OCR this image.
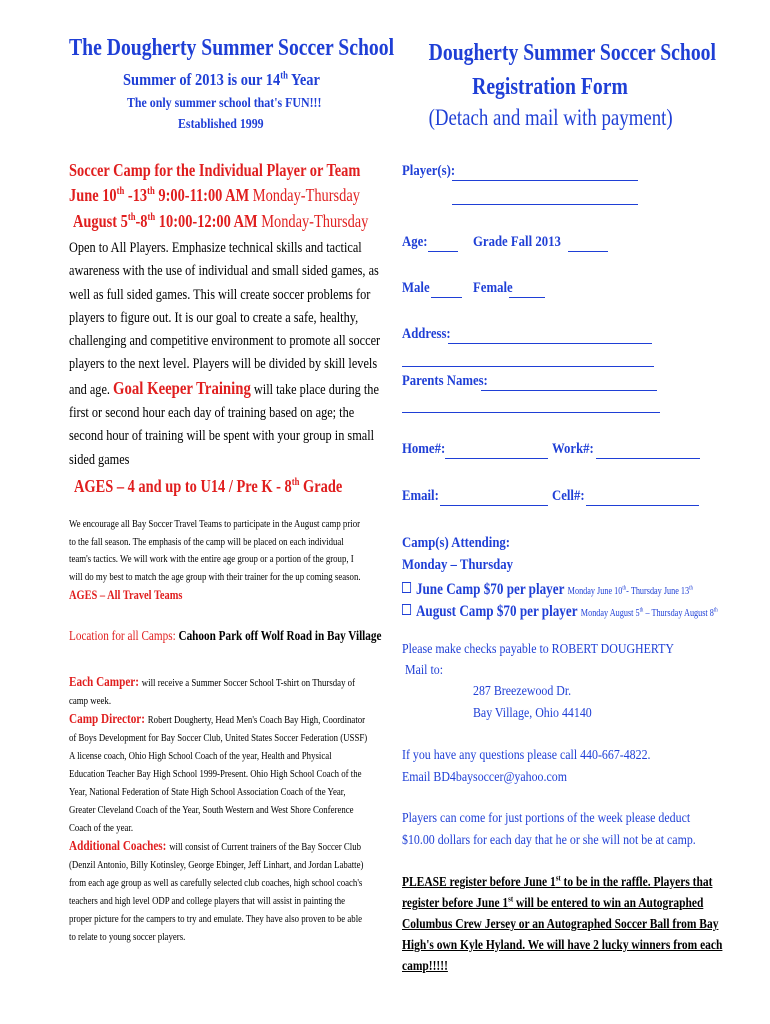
The Dougherty Summer Soccer School
Summer of 2013 is our 14th Year
The only summer school that's FUN!!!
Established 1999
Soccer Camp for the Individual Player or Team
June 10th -13th 9:00-11:00 AM Monday-Thursday
August 5th-8th 10:00-12:00 AM Monday-Thursday
Open to All Players. Emphasize technical skills and tactical
awareness with the use of individual and small sided games, as
well as full sided games. This will create soccer problems for
players to figure out. It is our goal to create a safe, healthy,
challenging and competitive environment to promote all soccer
players to the next level. Players will be divided by skill levels
and age. Goal Keeper Training will take place during the
first or second hour each day of training based on age; the
second hour of training will be spent with your group in small
sided games
AGES – 4 and up to U14 / Pre K - 8th Grade
We encourage all Bay Soccer Travel Teams to participate in the August camp prior
to the fall season. The emphasis of the camp will be placed on each individual
team's tactics. We will work with the entire age group or a portion of the group, I
will do my best to match the age group with their trainer for the up coming season.
AGES – All Travel Teams
Location for all Camps: Cahoon Park off Wolf Road in Bay Village
Each Camper: will receive a Summer Soccer School T-shirt on Thursday of
camp week.
Camp Director: Robert Dougherty, Head Men's Coach Bay High, Coordinator
of Boys Development for Bay Soccer Club, United States Soccer Federation (USSF)
A license coach, Ohio High School Coach of the year, Health and Physical
Education Teacher Bay High School 1999-Present. Ohio High School Coach of the
Year, National Federation of State High School Association Coach of the Year,
Greater Cleveland Coach of the Year, South Western and West Shore Conference
Coach of the year.
Additional Coaches: will consist of Current trainers of the Bay Soccer Club
(Denzil Antonio, Billy Kotinsley, George Ebinger, Jeff Linhart, and Jordan Labatte)
from each age group as well as carefully selected club coaches, high school coach's
teachers and high level ODP and college players that will assist in painting the
proper picture for the campers to try and emulate. They have also proven to be able
to relate to young soccer players.
Dougherty Summer Soccer School
Registration Form
(Detach and mail with payment)
Player(s):
Age:	Grade Fall 2013
Male	Female
Address:
Parents Names:
Home#:	Work#:
Email:	Cell#:
Camp(s) Attending:
Monday – Thursday
June Camp $70 per player Monday June 10th- Thursday June 13th
August Camp $70 per player Monday August 5th – Thursday August 8th
Please make checks payable to ROBERT DOUGHERTY
Mail to:
287 Breezewood Dr.
Bay Village, Ohio 44140
If you have any questions please call 440-667-4822.
Email BD4baysoccer@yahoo.com
Players can come for just portions of the week please deduct
$10.00 dollars for each day that he or she will not be at camp.
PLEASE register before June 1st to be in the raffle. Players that
register before June 1st will be entered to win an Autographed
Columbus Crew Jersey or an Autographed Soccer Ball from Bay
High's own Kyle Hyland. We will have 2 lucky winners from each
camp!!!!!
